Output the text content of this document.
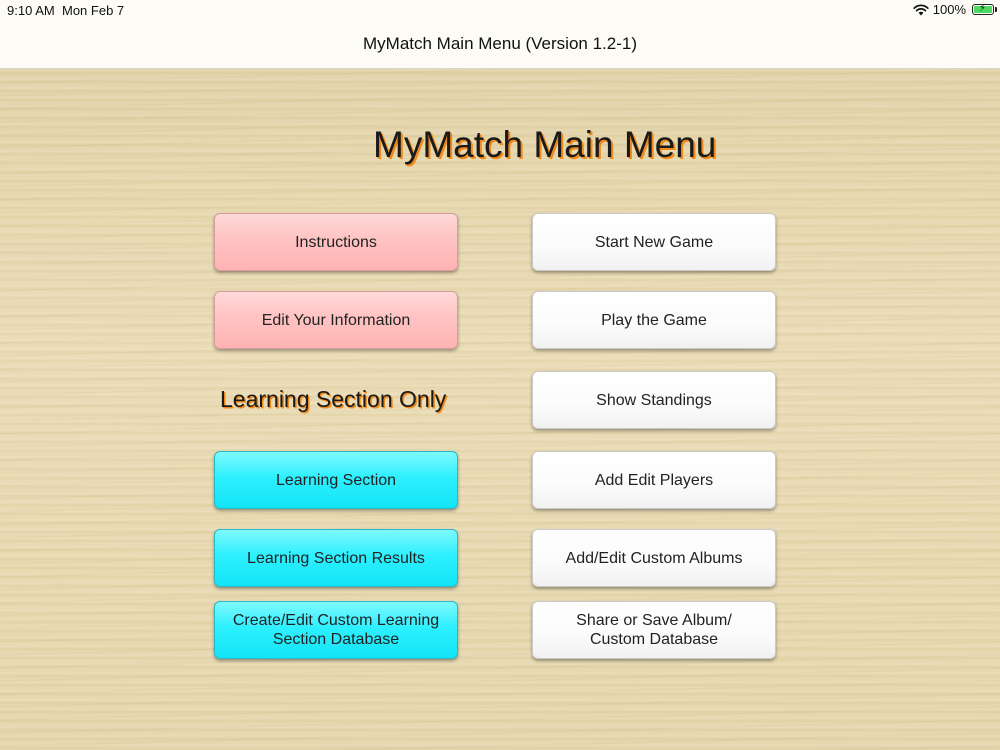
9:10 AM Mon Feb 7	100% ⚡
MyMatch Main Menu (Version 1.2-1)
MyMatch Main Menu
Instructions
Edit Your Information
Learning Section Only
Learning Section
Learning Section Results
Create/Edit Custom Learning
Section Database
Start New Game
Play the Game
Show Standings
Add Edit Players
Add/Edit Custom Albums
Share or Save Album/
Custom Database
